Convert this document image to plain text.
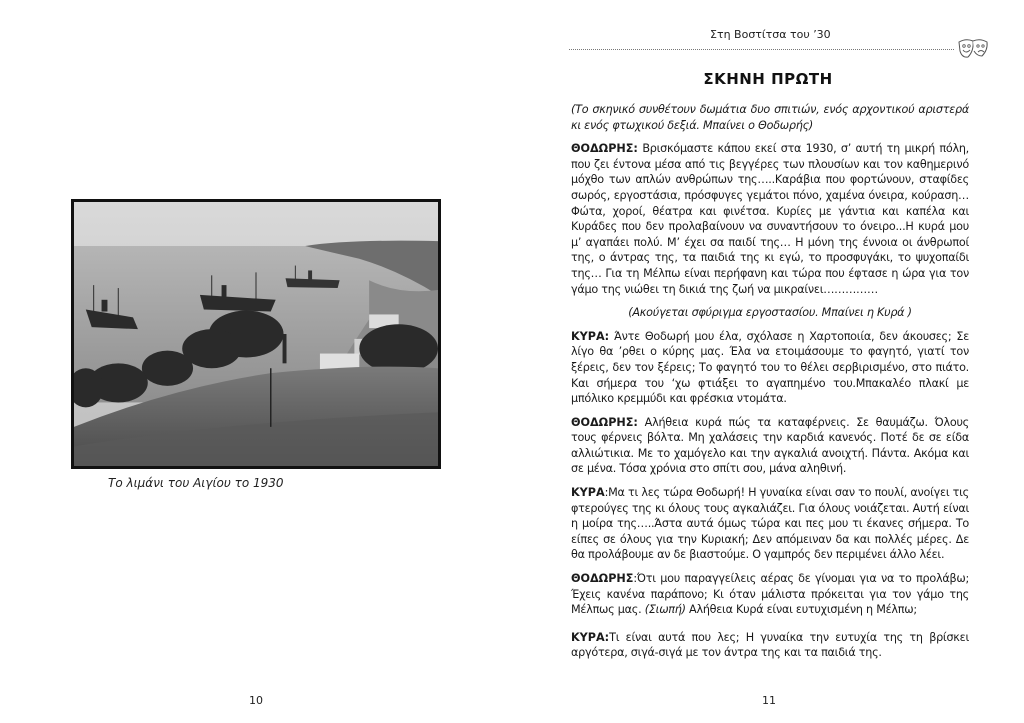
Το λιμάνι του Αιγίου το 1930
10
Στη Βοστίτσα του ’30
ΣΚΗΝΗ ΠΡΩΤΗ
(Το σκηνικό συνθέτουν δωμάτια δυο σπιτιών, ενός αρχοντικού αριστερά κι ενός φτωχικού δεξιά. Μπαίνει ο Θοδωρής)
ΘΟΔΩΡΗΣ: Βρισκόμαστε κάπου εκεί στα 1930, σ’ αυτή τη μικρή πόλη, που ζει έντονα μέσα από τις βεγγέρες των πλουσίων και τον καθημερινό μόχθο των απλών ανθρώπων της…..Καράβια που φορτώνουν, σταφίδες σωρός, εργοστάσια, πρόσφυγες γεμάτοι πόνο, χαμένα όνειρα, κούραση…Φώτα, χοροί, θέατρα και φινέτσα. Κυρίες με γάντια και καπέλα και Κυράδες που δεν προλαβαίνουν να συναντήσουν το όνειρο...Η κυρά μου μ’ αγαπάει πολύ. Μ’ έχει σα παιδί της… Η μόνη της έννοια οι άνθρωποί της, ο άντρας της, τα παιδιά της κι εγώ, το προσφυγάκι, το ψυχοπαίδι της… Για τη Μέλπω είναι περήφανη και τώρα που έφτασε η ώρα για τον γάμο της νιώθει τη δικιά της ζωή να μικραίνει……………
(Ακούγεται σφύριγμα εργοστασίου. Μπαίνει η Κυρά )
ΚΥΡΑ: Άντε Θοδωρή μου έλα, σχόλασε η Χαρτοποιία, δεν άκουσες; Σε λίγο θα ’ρθει ο κύρης μας. Έλα να ετοιμάσουμε το φαγητό, γιατί τον ξέρεις, δεν τον ξέρεις; Το φαγητό του το θέλει σερβιρισμένο, στο πιάτο. Και σήμερα του ‘χω φτιάξει το αγαπημένο του.Μπακαλέο πλακί με μπόλικο κρεμμύδι και φρέσκια ντομάτα.
ΘΟΔΩΡΗΣ: Αλήθεια κυρά πώς τα καταφέρνεις. Σε θαυμάζω. Όλους τους φέρνεις βόλτα. Μη χαλάσεις την καρδιά κανενός. Ποτέ δε σε είδα αλλιώτικια. Με το χαμόγελο και την αγκαλιά ανοιχτή. Πάντα. Ακόμα και σε μένα. Τόσα χρόνια στο σπίτι σου, μάνα αληθινή.
ΚΥΡΑ:Μα τι λες τώρα Θοδωρή! Η γυναίκα είναι σαν το πουλί, ανοίγει τις φτερούγες της κι όλους τους αγκαλιάζει. Για όλους νοιάζεται. Αυτή είναι η μοίρα της…..Άστα αυτά όμως τώρα και πες μου τι έκανες σήμερα. Το είπες σε όλους για την Κυριακή; Δεν απόμειναν δα και πολλές μέρες. Δε θα προλάβουμε αν δε βιαστούμε. Ο γαμπρός δεν περιμένει άλλο λέει.
ΘΟΔΩΡΗΣ:Ότι μου παραγγείλεις αέρας δε γίνομαι για να το προλάβω; Έχεις κανένα παράπονο; Κι όταν μάλιστα πρόκειται για τον γάμο της Μέλπως μας. (Σιωπή) Αλήθεια Κυρά είναι ευτυχισμένη η Μέλπω;
ΚΥΡΑ:Τι είναι αυτά που λες; Η γυναίκα την ευτυχία της τη βρίσκει αργότερα, σιγά-σιγά με τον άντρα της και τα παιδιά της.
11
